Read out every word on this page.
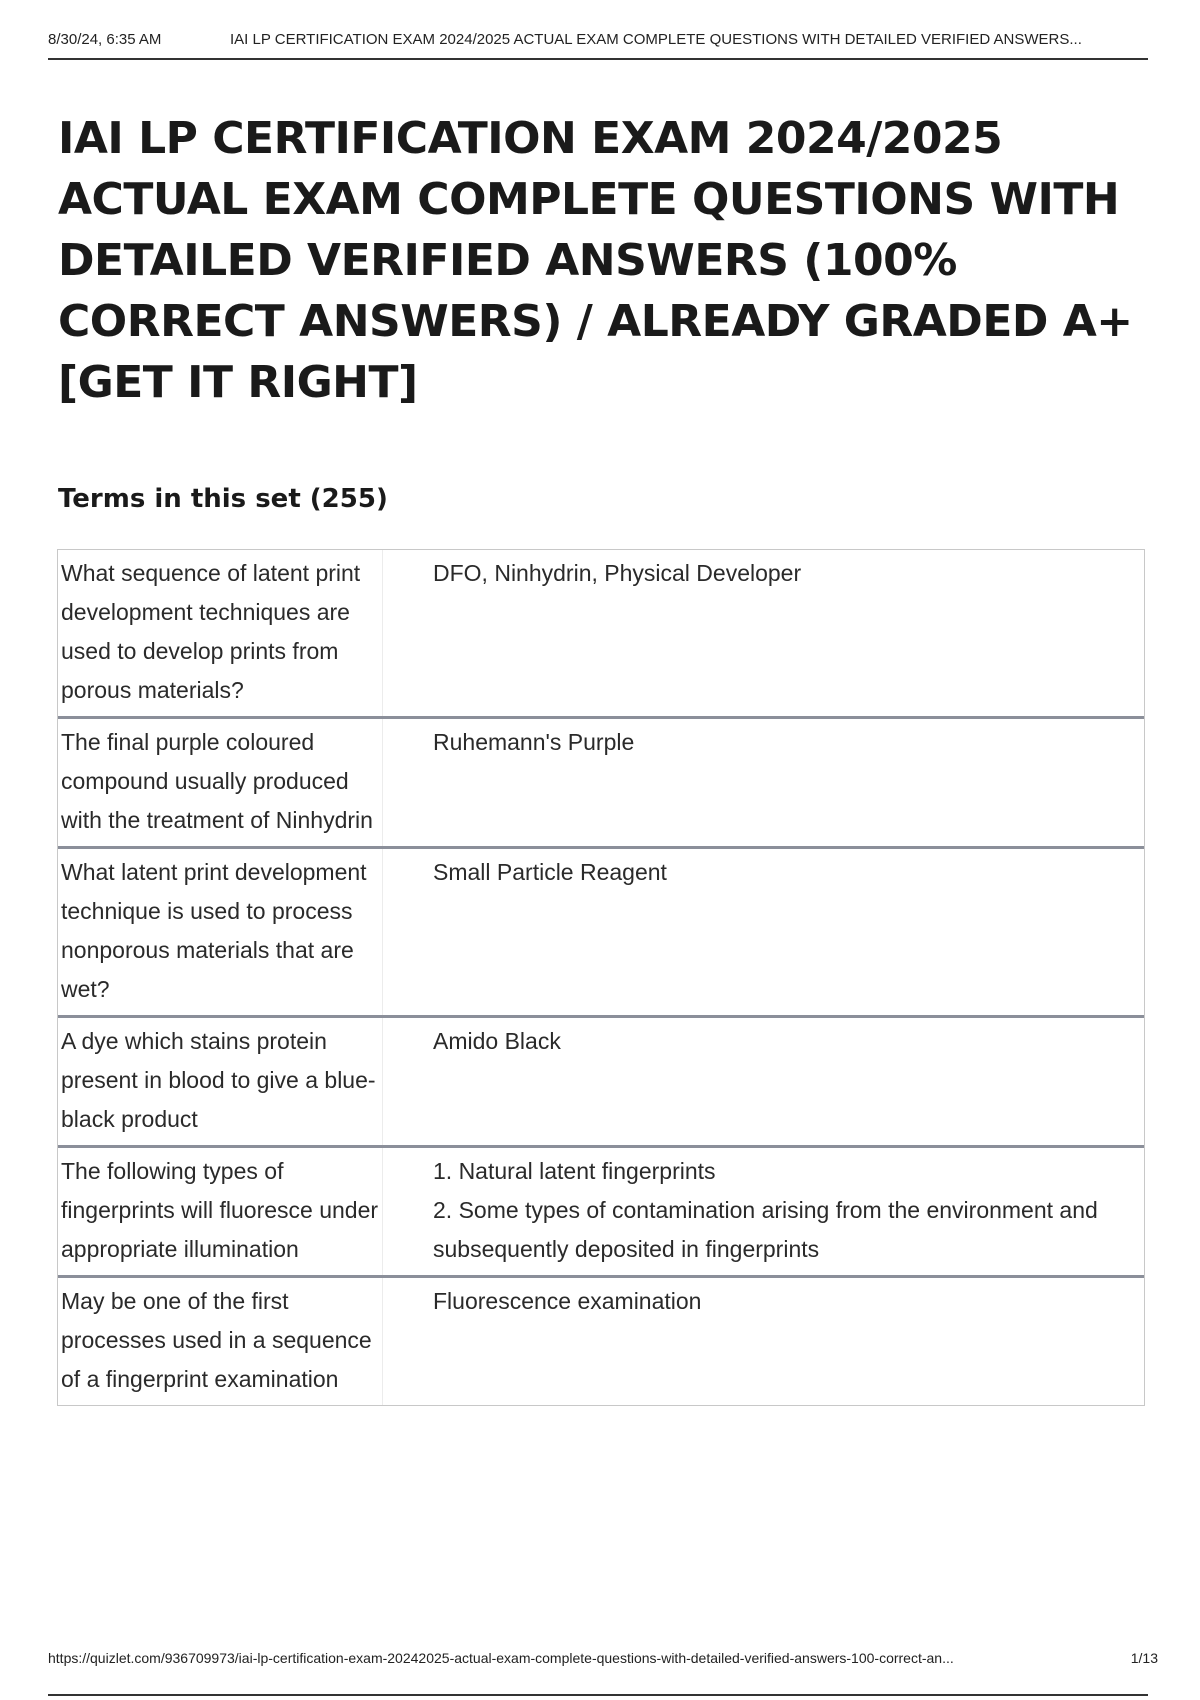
8/30/24, 6:35 AM	IAI LP CERTIFICATION EXAM 2024/2025 ACTUAL EXAM COMPLETE QUESTIONS WITH DETAILED VERIFIED ANSWERS...
IAI LP CERTIFICATION EXAM 2024/2025 ACTUAL EXAM COMPLETE QUESTIONS WITH DETAILED VERIFIED ANSWERS (100% CORRECT ANSWERS) / ALREADY GRADED A+ [GET IT RIGHT]
Terms in this set (255)
What sequence of latent print development techniques are used to develop prints from porous materials?
DFO, Ninhydrin, Physical Developer
The final purple coloured compound usually produced with the treatment of Ninhydrin
Ruhemann's Purple
What latent print development technique is used to process nonporous materials that are wet?
Small Particle Reagent
A dye which stains protein present in blood to give a blue-black product
Amido Black
The following types of fingerprints will fluoresce under appropriate illumination
1. Natural latent fingerprints
2. Some types of contamination arising from the environment and subsequently deposited in fingerprints
May be one of the first processes used in a sequence of a fingerprint examination
Fluorescence examination
https://quizlet.com/936709973/iai-lp-certification-exam-20242025-actual-exam-complete-questions-with-detailed-verified-answers-100-correct-an...	1/13
